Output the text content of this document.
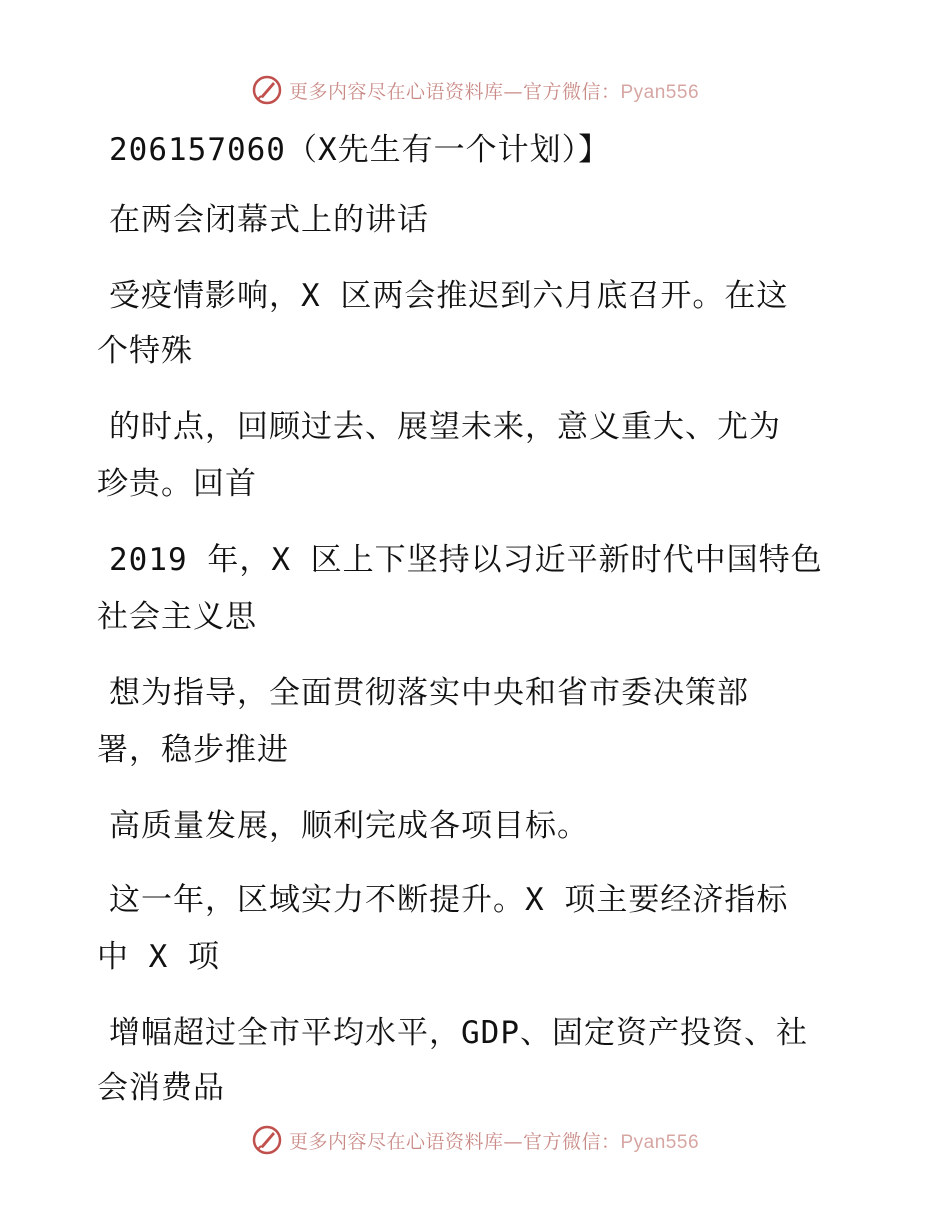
更多内容尽在心语资料库—官方微信：Pyan556
206157060（X先生有一个计划）】
在两会闭幕式上的讲话
受疫情影响，X 区两会推迟到六月底召开。在这
个特殊
的时点，回顾过去、展望未来，意义重大、尤为
珍贵。回首
2019 年，X 区上下坚持以习近平新时代中国特色
社会主义思
想为指导，全面贯彻落实中央和省市委决策部
署，稳步推进
高质量发展，顺利完成各项目标。
这一年，区域实力不断提升。X 项主要经济指标
中 X 项
增幅超过全市平均水平，GDP、固定资产投资、社
会消费品
更多内容尽在心语资料库—官方微信：Pyan556
